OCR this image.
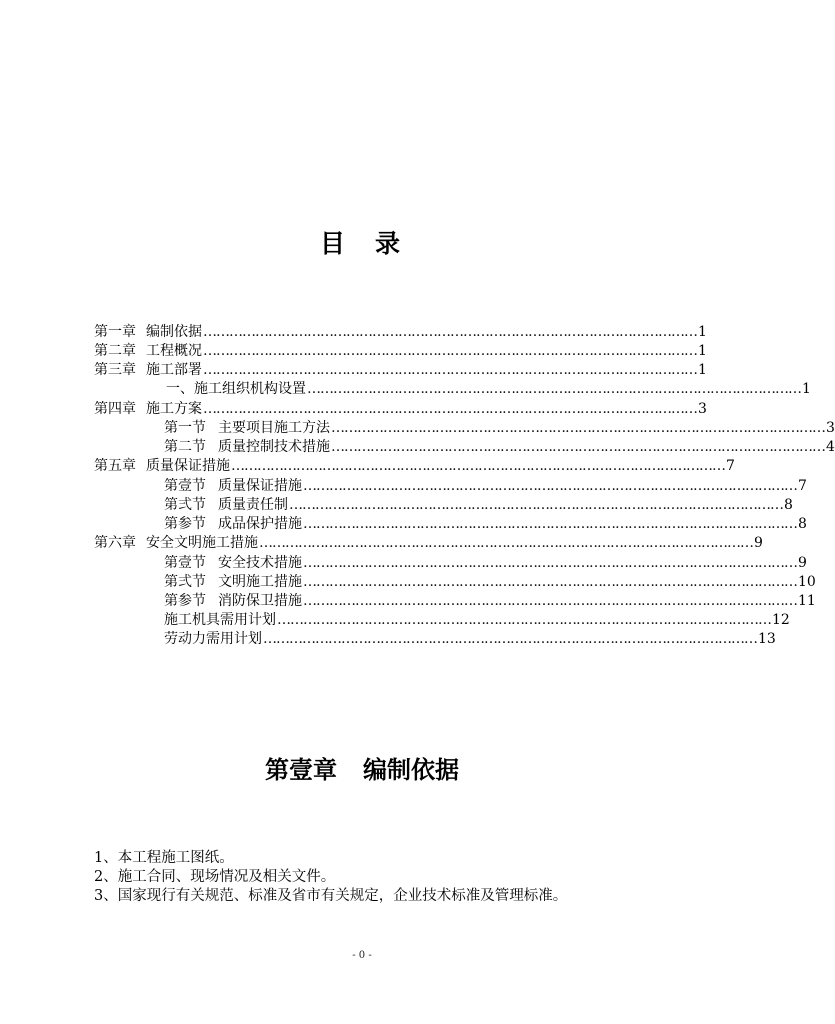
目 录
第一章 编制依据 …………………………………………………………………………………………………… 1
第二章 工程概况 …………………………………………………………………………………………………… 1
第三章 施工部署 …………………………………………………………………………………………………… 1
一、施工组织机构设置 …………………………………………………………………………………………………… 1
第四章 施工方案 …………………………………………………………………………………………………… 3
第一节 主要项目施工方法 …………………………………………………………………………………………………… 3
第二节 质量控制技术措施 …………………………………………………………………………………………………… 4
第五章 质量保证措施 …………………………………………………………………………………………………… 7
第壹节 质量保证措施 …………………………………………………………………………………………………… 7
第弍节 质量责任制 …………………………………………………………………………………………………… 8
第参节 成品保护措施 …………………………………………………………………………………………………… 8
第六章 安全文明施工措施 …………………………………………………………………………………………………… 9
第壹节 安全技术措施 …………………………………………………………………………………………………… 9
第弍节 文明施工措施 …………………………………………………………………………………………………… 10
第参节 消防保卫措施 …………………………………………………………………………………………………… 11
施工机具需用计划 …………………………………………………………………………………………………… 12
劳动力需用计划 …………………………………………………………………………………………………… 13
第壹章 编制依据
1、本工程施工图纸。
2、施工合同、现场情况及相关文件。
3、国家现行有关规范、标准及省市有关规定，企业技术标准及管理标准。
- 0 -
